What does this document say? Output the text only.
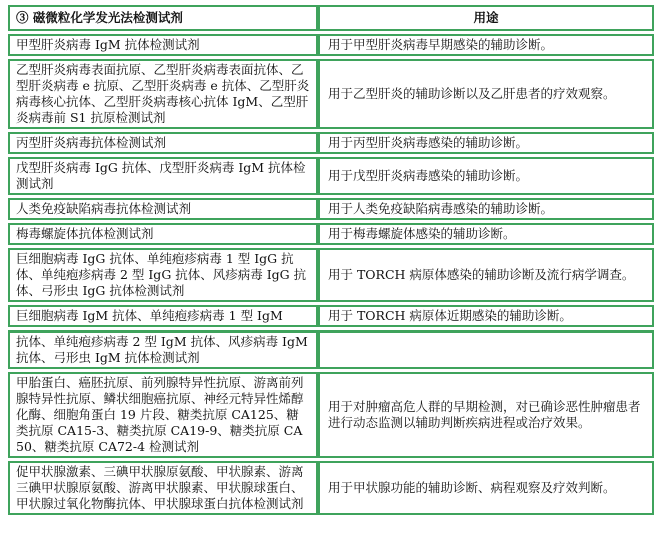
③ 磁微粒化学发光法检测试剂	用途
甲型肝炎病毒 IgM 抗体检测试剂	用于甲型肝炎病毒早期感染的辅助诊断。
乙型肝炎病毒表面抗原、乙型肝炎病毒表面抗体、乙型肝炎病毒 e 抗原、乙型肝炎病毒 e 抗体、乙型肝炎病毒核心抗体、乙型肝炎病毒核心抗体 IgM、乙型肝炎病毒前 S1 抗原检测试剂	用于乙型肝炎的辅助诊断以及乙肝患者的疗效观察。
丙型肝炎病毒抗体检测试剂	用于丙型肝炎病毒感染的辅助诊断。
戊型肝炎病毒 IgG 抗体、戊型肝炎病毒 IgM 抗体检测试剂	用于戊型肝炎病毒感染的辅助诊断。
人类免疫缺陷病毒抗体检测试剂	用于人类免疫缺陷病毒感染的辅助诊断。
梅毒螺旋体抗体检测试剂	用于梅毒螺旋体感染的辅助诊断。
巨细胞病毒 IgG 抗体、单纯疱疹病毒 1 型 IgG 抗体、单纯疱疹病毒 2 型 IgG 抗体、风疹病毒 IgG 抗体、弓形虫 IgG 抗体检测试剂	用于 TORCH 病原体感染的辅助诊断及流行病学调查。
巨细胞病毒 IgM 抗体、单纯疱疹病毒 1 型 IgM	用于 TORCH 病原体近期感染的辅助诊断。
抗体、单纯疱疹病毒 2 型 IgM 抗体、风疹病毒 IgM 抗体、弓形虫 IgM 抗体检测试剂	
甲胎蛋白、癌胚抗原、前列腺特异性抗原、游离前列腺特异性抗原、鳞状细胞癌抗原、神经元特异性烯醇化酶、细胞角蛋白 19 片段、糖类抗原 CA125、糖类抗原 CA15-3、糖类抗原 CA19-9、糖类抗原 CA50、糖类抗原 CA72-4 检测试剂	用于对肿瘤高危人群的早期检测，对已确诊恶性肿瘤患者进行动态监测以辅助判断疾病进程或治疗效果。
促甲状腺激素、三碘甲状腺原氨酸、甲状腺素、游离三碘甲状腺原氨酸、游离甲状腺素、甲状腺球蛋白、甲状腺过氧化物酶抗体、甲状腺球蛋白抗体检测试剂	用于甲状腺功能的辅助诊断、病程观察及疗效判断。
